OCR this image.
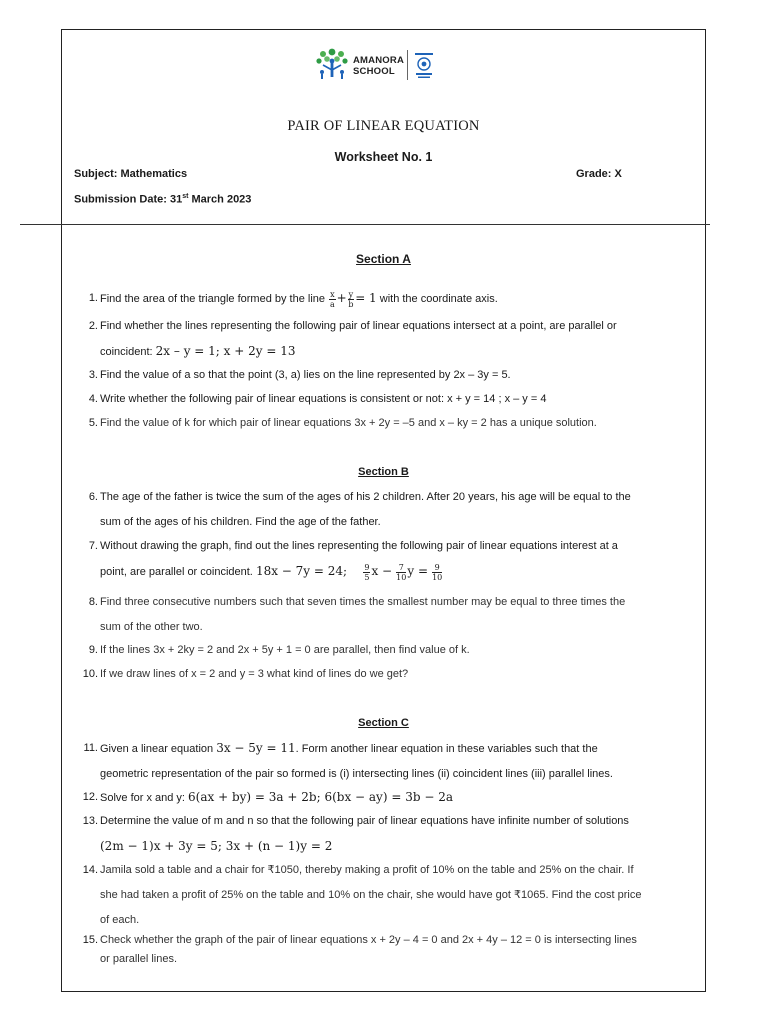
AMANORA
SCHOOL
PAIR OF LINEAR EQUATION
Worksheet No. 1
Subject: Mathematics	Grade: X
Submission Date: 31st March 2023
Section A
1. Find the area of the triangle formed by the line $\frac{x}{a} + \frac{y}{b} = 1$ with the coordinate axis.
2. Find whether the lines representing the following pair of linear equations intersect at a point, are parallel or
coincident: 2x – y = 1; x + 2y = 13
3. Find the value of a so that the point (3, a) lies on the line represented by 2x – 3y = 5.
4. Write whether the following pair of linear equations is consistent or not: x + y = 14 ; x – y = 4
5. Find the value of k for which pair of linear equations 3x + 2y = –5 and x – ky = 2 has a unique solution.
Section B
6. The age of the father is twice the sum of the ages of his 2 children. After 20 years, his age will be equal to the
sum of the ages of his children. Find the age of the father.
7. Without drawing the graph, find out the lines representing the following pair of linear equations interest at a
point, are parallel or coincident. 18x − 7y = 24; $\frac{9}{5}$ $x - \frac{7}{10}$ $y = \frac{9}{10}$
8. Find three consecutive numbers such that seven times the smallest number may be equal to three times the
sum of the other two.
9. If the lines 3x + 2ky = 2 and 2x + 5y + 1 = 0 are parallel, then find value of k.
10. If we draw lines of x = 2 and y = 3 what kind of lines do we get?
Section C
11. Given a linear equation 3x − 5y = 11. Form another linear equation in these variables such that the
geometric representation of the pair so formed is (i) intersecting lines (ii) coincident lines (iii) parallel lines.
12. Solve for x and y: 6(ax + by) = 3a + 2b; 6(bx − ay) = 3b − 2a
13. Determine the value of m and n so that the following pair of linear equations have infinite number of solutions
(2m − 1)x + 3y = 5; 3x + (n − 1)y = 2
14. Jamila sold a table and a chair for ₹1050, thereby making a profit of 10% on the table and 25% on the chair. If
she had taken a profit of 25% on the table and 10% on the chair, she would have got ₹1065. Find the cost price
of each.
15. Check whether the graph of the pair of linear equations x + 2y – 4 = 0 and 2x + 4y – 12 = 0 is intersecting lines
or parallel lines.
